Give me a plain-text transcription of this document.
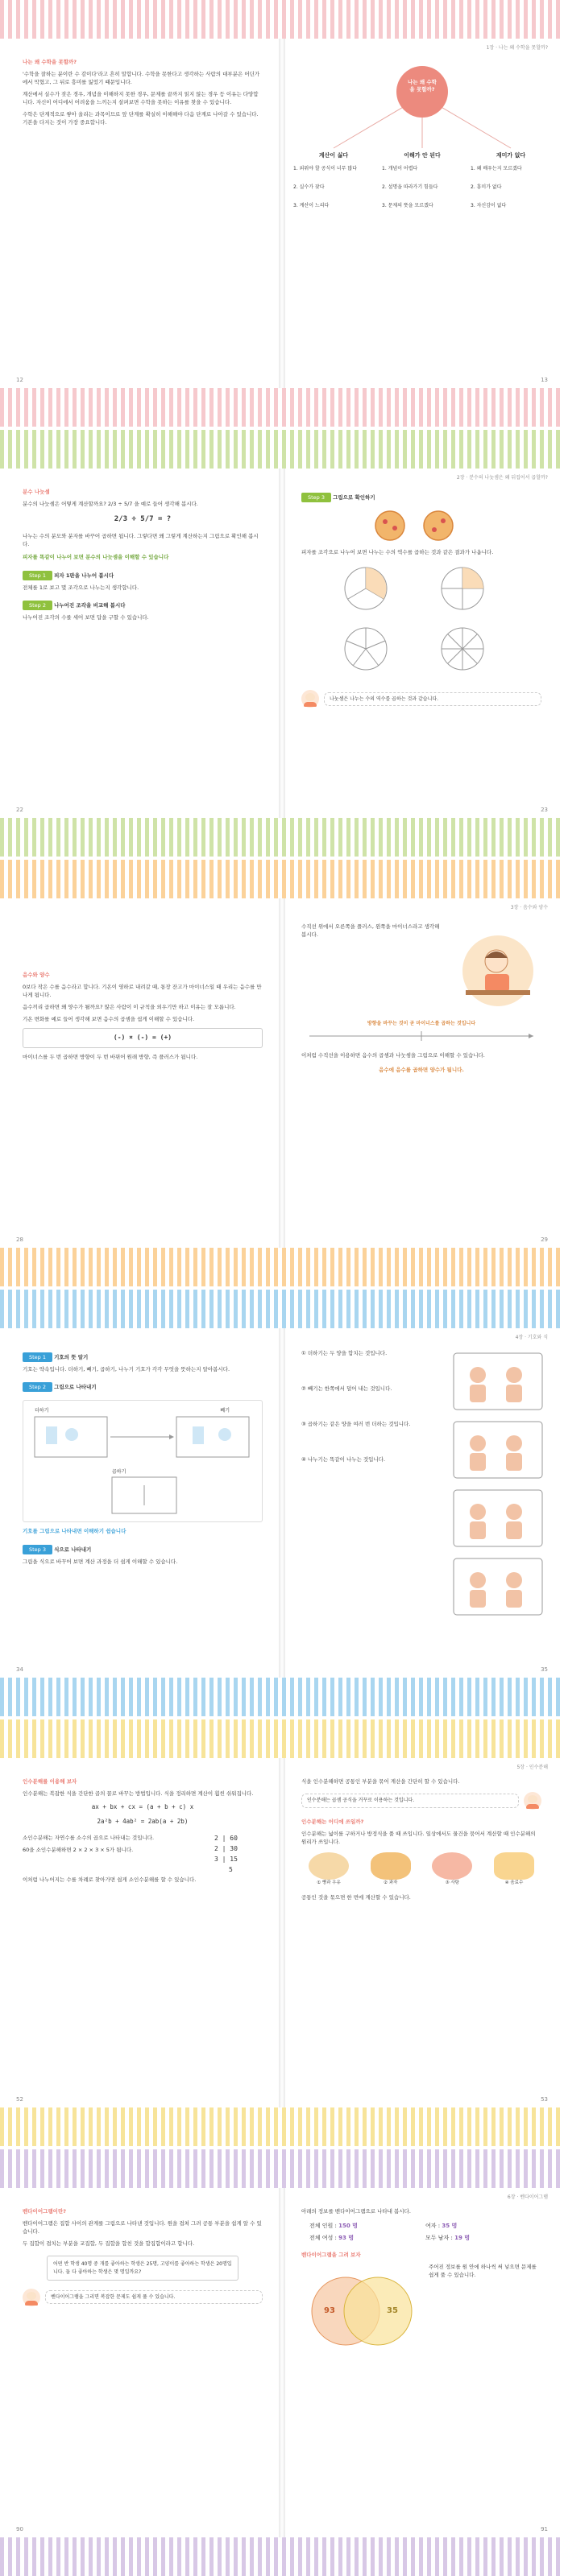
나는 왜 수학을 못할까?

'수학을 잘하는 분이란 수 감이다'라고 흔히 말합니다. 수학을 못한다고 생각하는 사람의 대부분은 어딘가에서 막혔고, 그 뒤로 흥미를 잃었기 때문입니다.

계산에서 실수가 잦은 경우, 개념을 이해하지 못한 경우, 문제를 끝까지 읽지 않는 경우 등 이유는 다양합니다. 자신이 어디에서 어려움을 느끼는지 살펴보면 수학을 못하는 이유를 찾을 수 있습니다.

수학은 단계적으로 쌓아 올리는 과목이므로 앞 단계를 확실히 이해해야 다음 단계로 나아갈 수 있습니다. 기본을 다지는 것이 가장 중요합니다.

12
1장 · 나는 왜 수학을 못할까?
나는 왜 수학을 못할까?
계산이 싫다
1. 외워야 할 공식이 너무 많다
2. 실수가 잦다
3. 계산이 느리다
이해가 안 된다
1. 개념이 어렵다
2. 설명을 따라가기 힘들다
3. 문제의 뜻을 모르겠다
재미가 없다
1. 왜 배우는지 모르겠다
2. 흥미가 없다
3. 자신감이 없다
13
분수 나눗셈

분수의 나눗셈은 어떻게 계산할까요? 2/3 ÷ 5/7 을 예로 들어 생각해 봅시다.

2/3 ÷ 5/7 = ?

나누는 수의 분모와 분자를 바꾸어 곱하면 됩니다. 그렇다면 왜 그렇게 계산하는지 그림으로 확인해 봅시다.

피자를 똑같이 나누어 보면 분수의 나눗셈을 이해할 수 있습니다
Step 1 피자 1판을 나누어 봅시다

전체를 1로 보고 몇 조각으로 나누는지 생각합니다.

Step 2 나누어진 조각을 비교해 봅시다

나누어진 조각의 수를 세어 보면 답을 구할 수 있습니다.

22
2장 · 분수의 나눗셈은 왜 뒤집어서 곱할까?
Step 3 그림으로 확인하기

피자를 조각으로 나누어 보면 나누는 수의 역수를 곱하는 것과 같은 결과가 나옵니다.

나눗셈은 나누는 수의 역수를 곱하는 것과 같습니다.
23
음수와 양수

0보다 작은 수를 음수라고 합니다. 기온이 영하로 내려갈 때, 통장 잔고가 마이너스일 때 우리는 음수를 만나게 됩니다.

음수끼리 곱하면 왜 양수가 될까요? 많은 사람이 이 규칙을 외우기만 하고 이유는 잘 모릅니다.

기온 변화를 예로 들어 생각해 보면 음수의 곱셈을 쉽게 이해할 수 있습니다.

(-) × (-) = (+)

마이너스를 두 번 곱하면 방향이 두 번 바뀌어 원래 방향, 즉 플러스가 됩니다.

28
3장 · 음수와 양수

수직선 위에서 오른쪽을 플러스, 왼쪽을 마이너스라고 생각해 봅시다.

방향을 바꾸는 것이 곧 마이너스를 곱하는 것입니다

이처럼 수직선을 이용하면 음수의 곱셈과 나눗셈을 그림으로 이해할 수 있습니다.

음수에 음수를 곱하면 양수가 됩니다.
29
Step 1 기호의 뜻 알기

기호는 약속입니다. 더하기, 빼기, 곱하기, 나누기 기호가 각각 무엇을 뜻하는지 알아봅시다.

Step 2 그림으로 나타내기
더하기	빼기
곱하기
기호를 그림으로 나타내면 이해하기 쉽습니다
Step 3 식으로 나타내기

그림을 식으로 바꾸어 보면 계산 과정을 더 쉽게 이해할 수 있습니다.

34
4장 · 기호와 식

① 더하기는 두 양을 합치는 것입니다.

② 빼기는 한쪽에서 덜어 내는 것입니다.

③ 곱하기는 같은 양을 여러 번 더하는 것입니다.

④ 나누기는 똑같이 나누는 것입니다.

35
인수분해를 이용해 보자

인수분해는 복잡한 식을 간단한 곱의 꼴로 바꾸는 방법입니다. 식을 정리하면 계산이 훨씬 쉬워집니다.

ax + bx + cx = (a + b + c) x
2a²b + 4ab² = 2ab(a + 2b)

소인수분해는 자연수를 소수의 곱으로 나타내는 것입니다.

60을 소인수분해하면 2 × 2 × 3 × 5가 됩니다.

2 | 60
2 | 30
3 | 15
5

이처럼 나누어지는 수를 차례로 찾아가면 쉽게 소인수분해를 할 수 있습니다.

52
5장 · 인수분해

식을 인수분해하면 공통인 부분을 묶어 계산을 간단히 할 수 있습니다.

인수분해는 곱셈 공식을 거꾸로 이용하는 것입니다.
인수분해는 어디에 쓰일까?

인수분해는 넓이를 구하거나 방정식을 풀 때 쓰입니다. 일상에서도 물건을 묶어서 계산할 때 인수분해의 원리가 쓰입니다.

① 빵과 우유	② 과자	③ 사탕	④ 음료수

공통인 것을 묶으면 한 번에 계산할 수 있습니다.

53
벤다이어그램이란?

벤다이어그램은 집합 사이의 관계를 그림으로 나타낸 것입니다. 원을 겹쳐 그려 공통 부분을 쉽게 알 수 있습니다.

두 집합이 겹치는 부분을 교집합, 두 집합을 합친 것을 합집합이라고 합니다.

어떤 반 학생 40명 중 개를 좋아하는 학생은 25명, 고양이를 좋아하는 학생은 20명입니다. 둘 다 좋아하는 학생은 몇 명일까요?
벤다이어그램을 그리면 복잡한 문제도 쉽게 풀 수 있습니다.
90
6장 · 벤다이어그램

아래의 정보를 벤다이어그램으로 나타내 봅시다.

전체 인원 : 150 명	여자 : 35 명
전체 여성 : 93 명	모두 남자 : 19 명
벤다이어그램을 그려 보자
93	35

주어진 정보를 원 안에 하나씩 써 넣으면 문제를 쉽게 풀 수 있습니다.

91
